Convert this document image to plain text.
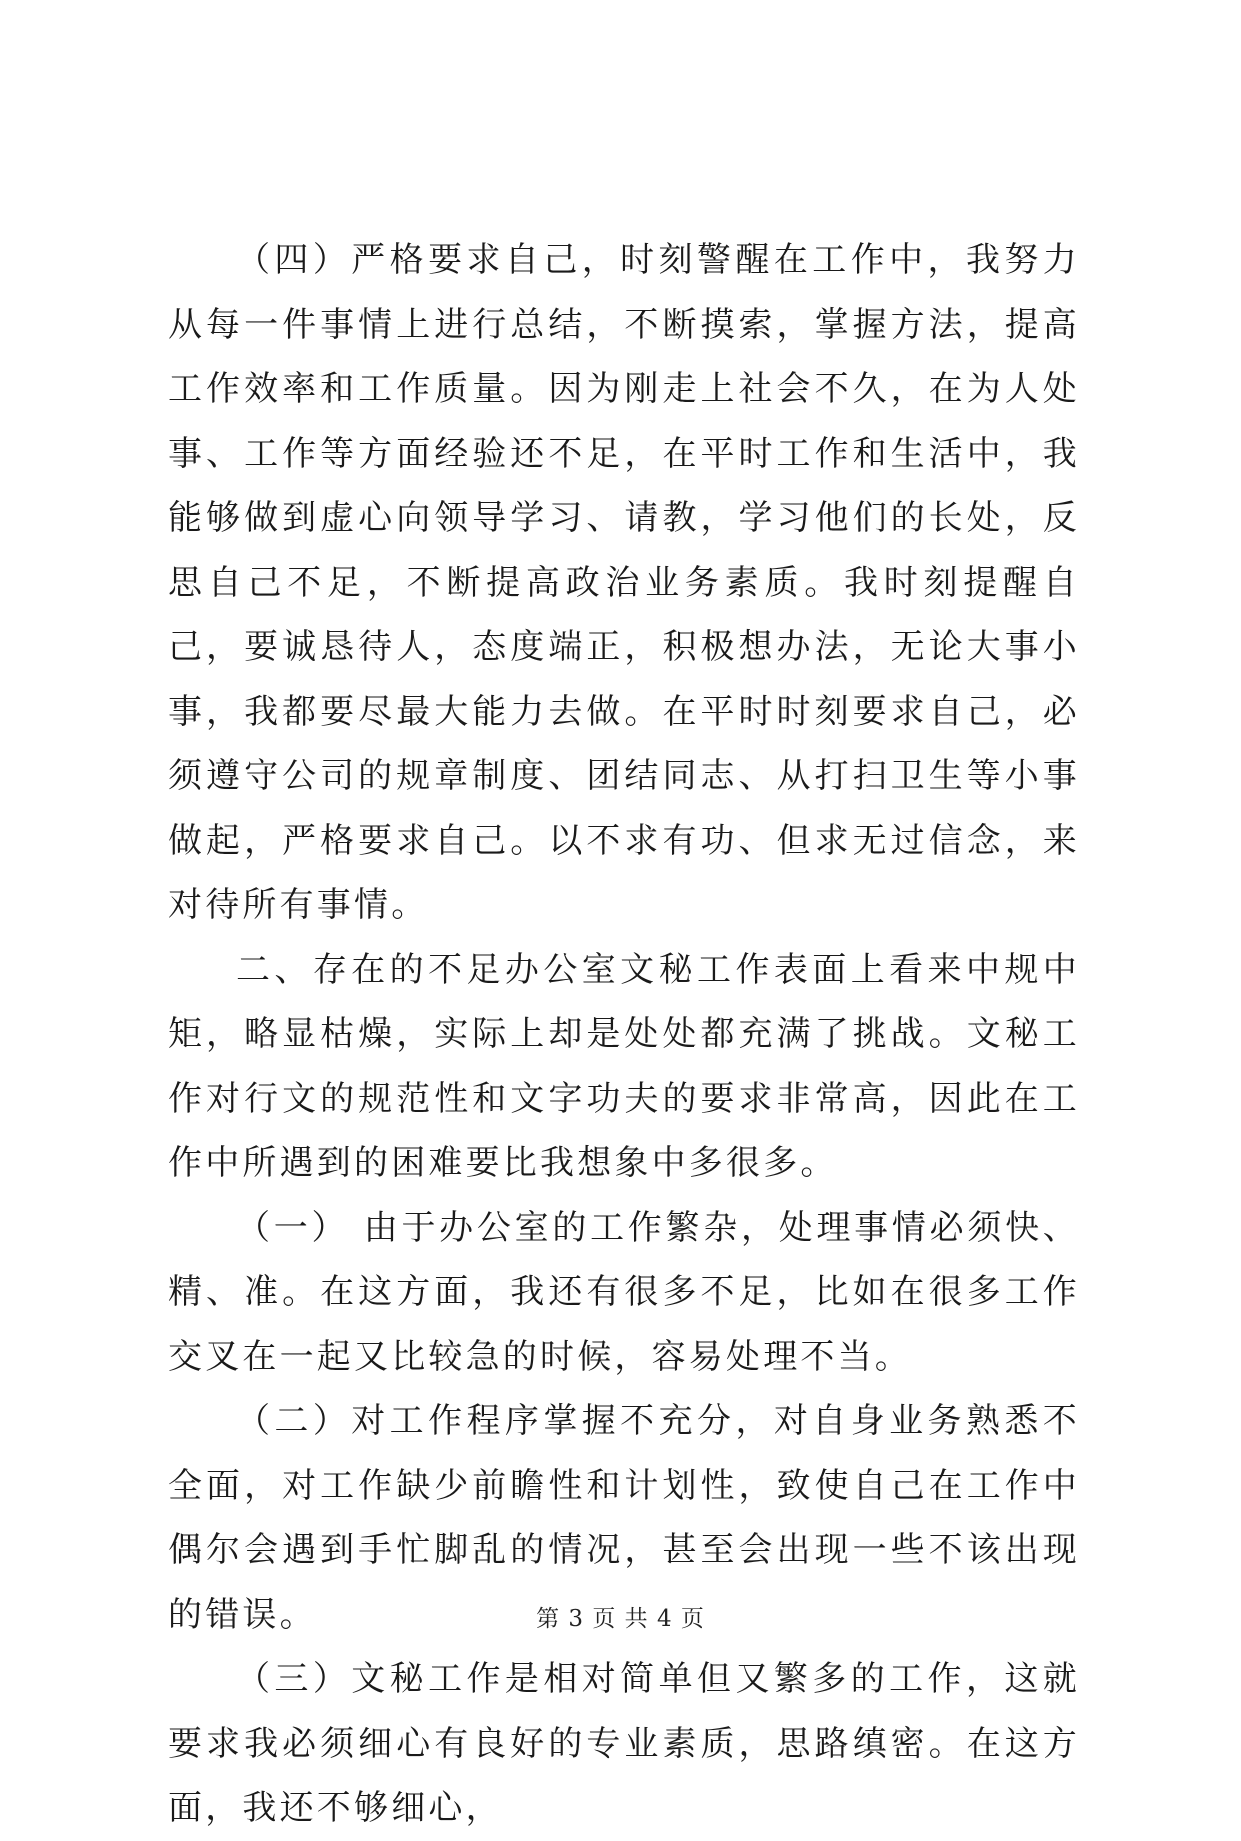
（四）严格要求自己，时刻警醒在工作中，我努力从每一件事情上进行总结，不断摸索，掌握方法，提高工作效率和工作质量。因为刚走上社会不久，在为人处事、工作等方面经验还不足，在平时工作和生活中，我能够做到虚心向领导学习、请教，学习他们的长处，反思自己不足，不断提高政治业务素质。我时刻提醒自己，要诚恳待人，态度端正，积极想办法，无论大事小事，我都要尽最大能力去做。在平时时刻要求自己，必须遵守公司的规章制度、团结同志、从打扫卫生等小事做起，严格要求自己。以不求有功、但求无过信念，来对待所有事情。

二、存在的不足办公室文秘工作表面上看来中规中矩，略显枯燥，实际上却是处处都充满了挑战。文秘工作对行文的规范性和文字功夫的要求非常高，因此在工作中所遇到的困难要比我想象中多很多。

（一） 由于办公室的工作繁杂，处理事情必须快、精、准。在这方面，我还有很多不足，比如在很多工作交叉在一起又比较急的时候，容易处理不当。

（二）对工作程序掌握不充分，对自身业务熟悉不全面，对工作缺少前瞻性和计划性，致使自己在工作中偶尔会遇到手忙脚乱的情况，甚至会出现一些不该出现的错误。

（三）文秘工作是相对简单但又繁多的工作，这就要求我必须细心有良好的专业素质，思路缜密。在这方面，我还不够细心，

第 3 页 共 4 页
